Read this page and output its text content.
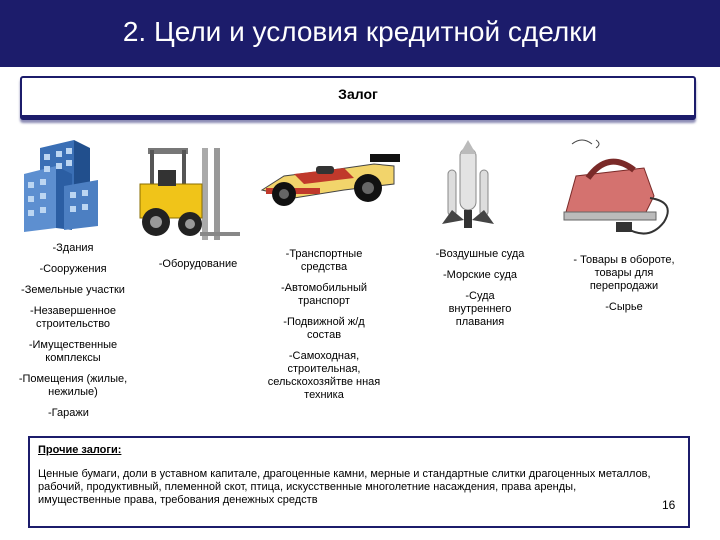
2. Цели и условия кредитной сделки
Залог
-Здания
-Сооружения
-Земельные участки
-Незавершенное строительство
-Имущественные комплексы
-Помещения (жилые, нежилые)
-Гаражи
-Оборудование
-Транспортные средства
-Автомобильный транспорт
-Подвижной ж/д состав
-Самоходная, строительная, сельскохозяйтве нная техника
-Воздушные суда
-Морские суда
-Суда внутреннего плавания
- Товары в обороте, товары для перепродажи
-Сырье
Прочие залоги:
Ценные бумаги, доли в уставном капитале, драгоценные камни, мерные и стандартные слитки драгоценных металлов, рабочий, продуктивный, племенной скот, птица, искусственные многолетние насаждения, права аренды, имущественные права, требования денежных средств	16
